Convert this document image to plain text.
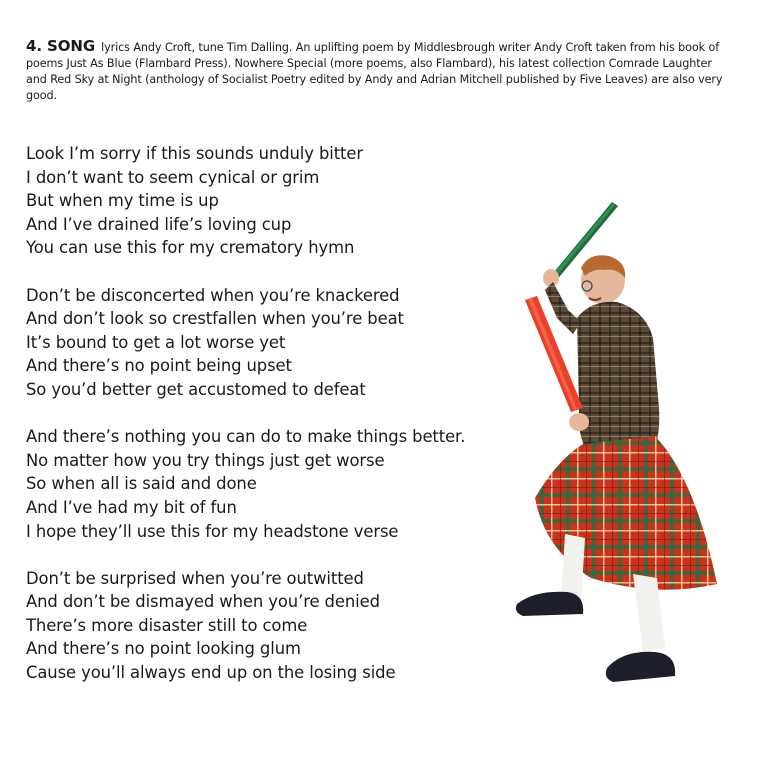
4. SONG lyrics Andy Croft, tune Tim Dalling. An uplifting poem by Middlesbrough writer Andy Croft taken from his book of poems Just As Blue (Flambard Press). Nowhere Special (more poems, also Flambard), his latest collection Comrade Laughter and Red Sky at Night (anthology of Socialist Poetry edited by Andy and Adrian Mitchell published by Five Leaves) are also very good.
Look I’m sorry if this sounds unduly bitter
I don’t want to seem cynical or grim
But when my time is up
And I’ve drained life’s loving cup
You can use this for my crematory hymn
Don’t be disconcerted when you’re knackered
And don’t look so crestfallen when you’re beat
It’s bound to get a lot worse yet
And there’s no point being upset
So you’d better get accustomed to defeat
And there’s nothing you can do to make things better.
No matter how you try things just get worse
So when all is said and done
And I’ve had my bit of fun
I hope they’ll use this for my headstone verse
Don’t be surprised when you’re outwitted
And don’t be dismayed when you’re denied
There’s more disaster still to come
And there’s no point looking glum
Cause you’ll always end up on the losing side
